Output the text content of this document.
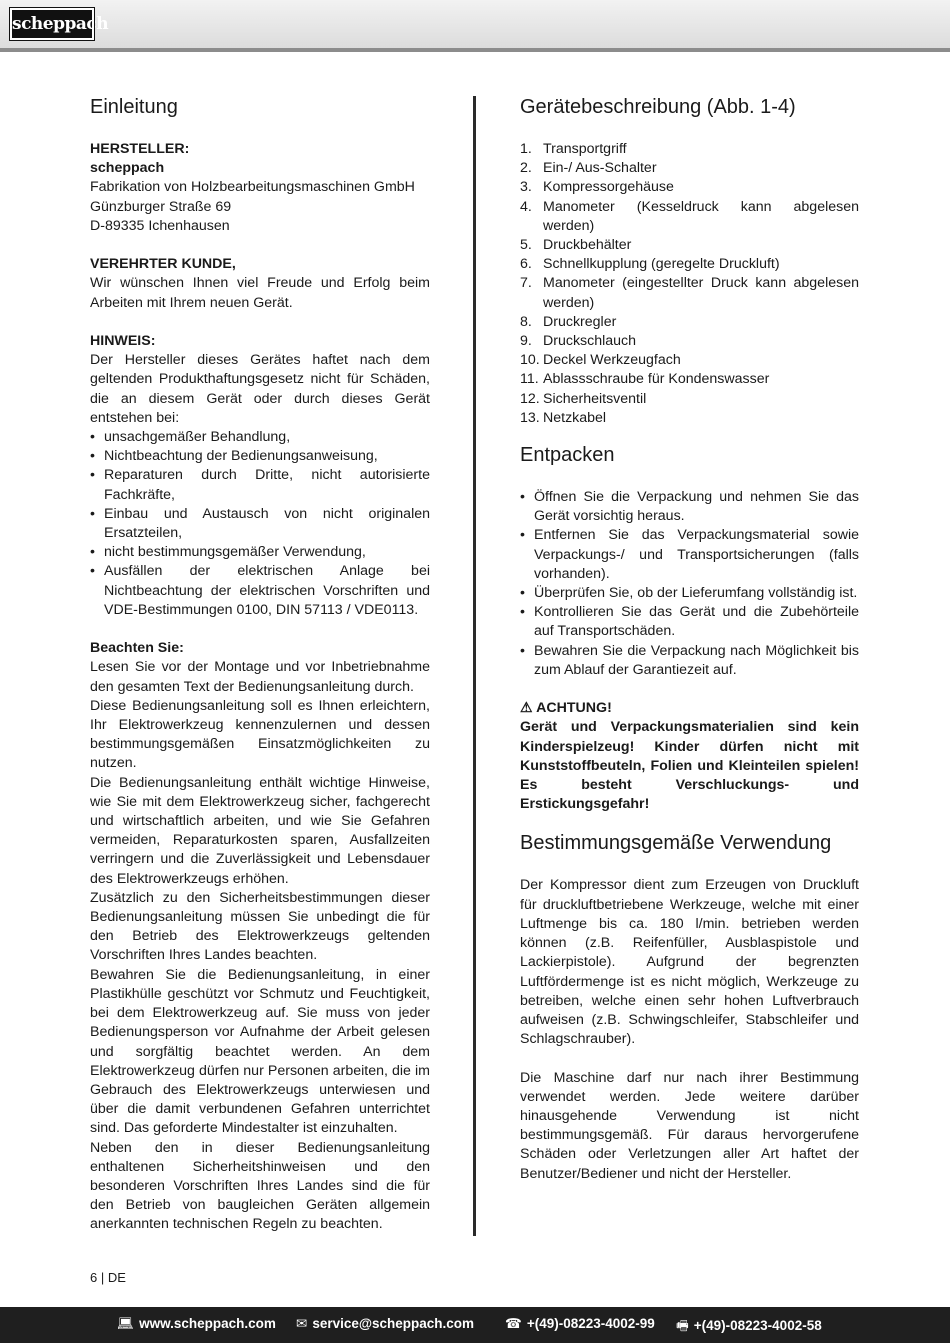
scheppach
Einleitung

HERSTELLER:

scheppach

Fabrikation von Holzbearbeitungsmaschinen GmbH

Günzburger Straße 69

D-89335 Ichenhausen

VEREHRTER KUNDE,

Wir wünschen Ihnen viel Freude und Erfolg beim Arbeiten mit Ihrem neuen Gerät.

HINWEIS:

Der Hersteller dieses Gerätes haftet nach dem geltenden Produkthaftungsgesetz nicht für Schäden, die an diesem Gerät oder durch dieses Gerät entstehen bei:

• unsachgemäßer Behandlung,
• Nichtbeachtung der Bedienungsanweisung,
• Reparaturen durch Dritte, nicht autorisierte Fachkräfte,
• Einbau und Austausch von nicht originalen Ersatzteilen,
• nicht bestimmungsgemäßer Verwendung,
• Ausfällen der elektrischen Anlage bei Nichtbeachtung der elektrischen Vorschriften und VDE-Bestimmungen 0100, DIN 57113 / VDE0113.

Beachten Sie:

Lesen Sie vor der Montage und vor Inbetriebnahme den gesamten Text der Bedienungsanleitung durch.

Diese Bedienungsanleitung soll es Ihnen erleichtern, Ihr Elektrowerkzeug kennenzulernen und dessen bestimmungsgemäßen Einsatzmöglichkeiten zu nutzen.

Die Bedienungsanleitung enthält wichtige Hinweise, wie Sie mit dem Elektrowerkzeug sicher, fachgerecht und wirtschaftlich arbeiten, und wie Sie Gefahren vermeiden, Reparaturkosten sparen, Ausfallzeiten verringern und die Zuverlässigkeit und Lebensdauer des Elektrowerkzeugs erhöhen.

Zusätzlich zu den Sicherheitsbestimmungen dieser Bedienungsanleitung müssen Sie unbedingt die für den Betrieb des Elektrowerkzeugs geltenden Vorschriften Ihres Landes beachten.

Bewahren Sie die Bedienungsanleitung, in einer Plastikhülle geschützt vor Schmutz und Feuchtigkeit, bei dem Elektrowerkzeug auf. Sie muss von jeder Bedienungsperson vor Aufnahme der Arbeit gelesen und sorgfältig beachtet werden. An dem Elektrowerkzeug dürfen nur Personen arbeiten, die im Gebrauch des Elektrowerkzeugs unterwiesen und über die damit verbundenen Gefahren unterrichtet sind. Das geforderte Mindestalter ist einzuhalten.

Neben den in dieser Bedienungsanleitung enthaltenen Sicherheitshinweisen und den besonderen Vorschriften Ihres Landes sind die für den Betrieb von baugleichen Geräten allgemein anerkannten technischen Regeln zu beachten.

Gerätebeschreibung (Abb. 1-4)
1. Transportgriff
2. Ein-/ Aus-Schalter
3. Kompressorgehäuse
4. Manometer (Kesseldruck kann abgelesen werden)
5. Druckbehälter
6. Schnellkupplung (geregelte Druckluft)
7. Manometer (eingestellter Druck kann abgelesen werden)
8. Druckregler
9. Druckschlauch
10. Deckel Werkzeugfach
11. Ablassschraube für Kondenswasser
12. Sicherheitsventil
13. Netzkabel
Entpacken
• Öffnen Sie die Verpackung und nehmen Sie das Gerät vorsichtig heraus.
• Entfernen Sie das Verpackungsmaterial sowie Verpackungs-/ und Transportsicherungen (falls vorhanden).
• Überprüfen Sie, ob der Lieferumfang vollständig ist.
• Kontrollieren Sie das Gerät und die Zubehörteile auf Transportschäden.
• Bewahren Sie die Verpackung nach Möglichkeit bis zum Ablauf der Garantiezeit auf.

⚠ ACHTUNG!

Gerät und Verpackungsmaterialien sind kein Kinderspielzeug! Kinder dürfen nicht mit Kunststoffbeuteln, Folien und Kleinteilen spielen! Es besteht Verschluckungs- und Erstickungsgefahr!

Bestimmungsgemäße Verwendung

Der Kompressor dient zum Erzeugen von Druckluft für druckluftbetriebene Werkzeuge, welche mit einer Luftmenge bis ca. 180 l/min. betrieben werden können (z.B. Reifenfüller, Ausblaspistole und Lackierpistole). Aufgrund der begrenzten Luftfördermenge ist es nicht möglich, Werkzeuge zu betreiben, welche einen sehr hohen Luftverbrauch aufweisen (z.B. Schwingschleifer, Stabschleifer und Schlagschrauber).

Die Maschine darf nur nach ihrer Bestimmung verwendet werden. Jede weitere darüber hinausgehende Verwendung ist nicht bestimmungsgemäß. Für daraus hervorgerufene Schäden oder Verletzungen aller Art haftet der Benutzer/Bediener und nicht der Hersteller.

6 | DE
💻︎ www.scheppach.com ✉︎ service@scheppach.com ☎︎ +(49)-08223-4002-99 🖷︎ +(49)-08223-4002-58
